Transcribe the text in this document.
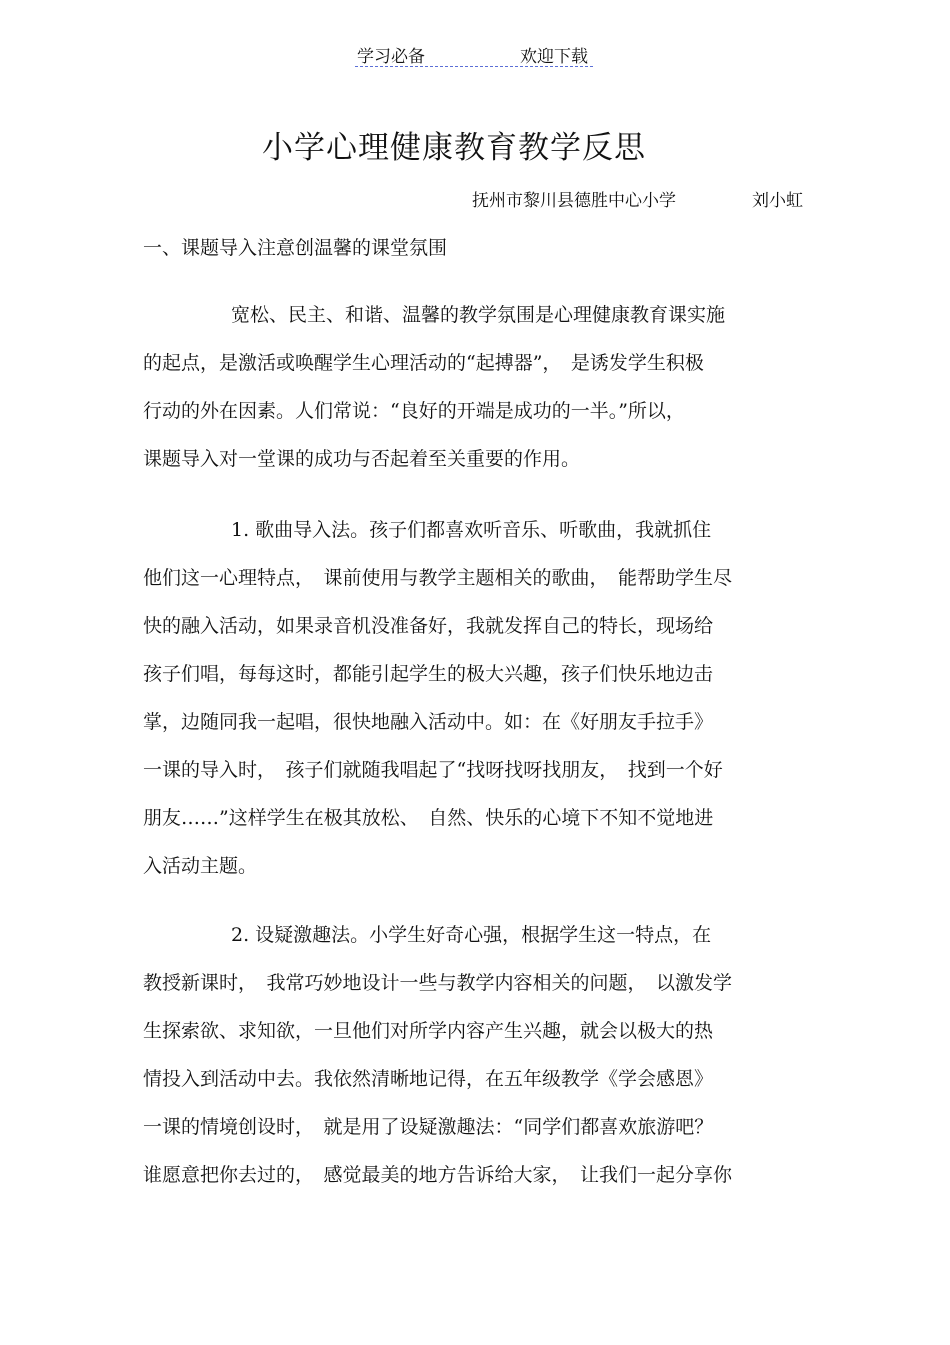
学习必备	欢迎下载
小学心理健康教育教学反思
抚州市黎川县德胜中心小学	刘小虹
一、课题导入注意创温馨的课堂氛围
宽松、民主、和谐、温馨的教学氛围是心理健康教育课实施
的起点，是激活或唤醒学生心理活动的“起搏器”，　是诱发学生积极
行动的外在因素。人们常说：“良好的开端是成功的一半。”所以，
课题导入对一堂课的成功与否起着至关重要的作用。
1. 歌曲导入法。孩子们都喜欢听音乐、听歌曲，我就抓住
他们这一心理特点，　课前使用与教学主题相关的歌曲，　能帮助学生尽
快的融入活动，如果录音机没准备好，我就发挥自己的特长，现场给
孩子们唱，每每这时，都能引起学生的极大兴趣，孩子们快乐地边击
掌，边随同我一起唱，很快地融入活动中。如：在《好朋友手拉手》
一课的导入时，　孩子们就随我唱起了“找呀找呀找朋友，　找到一个好
朋友……”这样学生在极其放松、　自然、快乐的心境下不知不觉地进
入活动主题。
2. 设疑激趣法。小学生好奇心强，根据学生这一特点，在
教授新课时，　我常巧妙地设计一些与教学内容相关的问题，　以激发学
生探索欲、求知欲，一旦他们对所学内容产生兴趣，就会以极大的热
情投入到活动中去。我依然清晰地记得，在五年级教学《学会感恩》
一课的情境创设时，　就是用了设疑激趣法：“同学们都喜欢旅游吧？
谁愿意把你去过的，　感觉最美的地方告诉给大家，　让我们一起分享你
